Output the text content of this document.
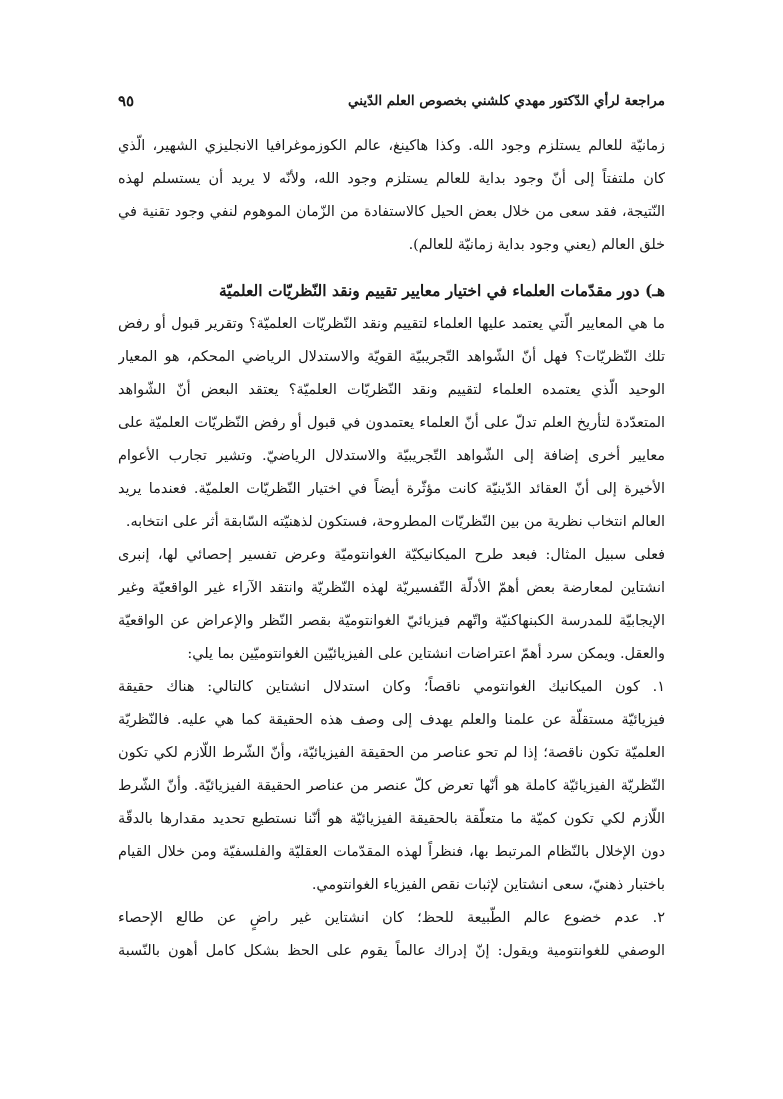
مراجعة لرأي الدّكتور مهدي كلشني بخصوص العلم الدّيني
٩٥
زمانيّة للعالم يستلزم وجود الله. وكذا هاكينغ، عالم الكوزموغرافيا الانجليزي الشهير، الّذي
كان ملتفتاً إلى أنّ وجود بداية للعالم يستلزم وجود الله، ولأنّه لا يريد أن يستسلم لهذه
النّتيجة، فقد سعى من خلال بعض الحيل كالاستفادة من الزّمان الموهوم لنفي وجود تقنية في
خلق العالم (يعني وجود بداية زمانيّة للعالم).
هـ) دور مقدّمات العلماء في اختيار معايير تقييم ونقد النّظريّات العلميّة
ما هي المعايير الّتي يعتمد عليها العلماء لتقييم ونقد النّظريّات العلميّة؟ وتقرير قبول أو رفض
تلك النّظريّات؟ فهل أنّ الشّواهد التّجريبيّة القويّة والاستدلال الرياضي المحكم، هو المعيار
الوحيد الّذي يعتمده العلماء لتقييم ونقد النّظريّات العلميّة؟ يعتقد البعض أنّ الشّواهد
المتعدّدة لتأريخ العلم تدلّ على أنّ العلماء يعتمدون في قبول أو رفض النّظريّات العلميّة على
معايير أخرى إضافة إلى الشّواهد التّجريبيّة والاستدلال الرياضيّ. وتشير تجارب الأعوام
الأخيرة إلى أنّ العقائد الدّينيّة كانت مؤثّرة أيضاً في اختيار النّظريّات العلميّة. فعندما يريد
العالم انتخاب نظرية من بين النّظريّات المطروحة، فستكون لذهنيّته السّابقة أثر على انتخابه.
فعلى سبيل المثال: فبعد طرح الميكانيكيّة الغوانتوميّة وعرض تفسير إحصائي لها، إنبرى
انشتاين لمعارضة بعض أهمّ الأدلّة التّفسيريّة لهذه النّظريّة وانتقد الآراء غير الواقعيّة وغير
الإيجابيّة للمدرسة الكبنهاكنيّة واتّهم فيزيائيّ الغوانتوميّة بقصر النّظر والإعراض عن الواقعيّة
والعقل. ويمكن سرد أهمّ اعتراضات انشتاين على الفيزيائيّين الغوانتوميّين بما يلي:
١. كون الميكانيك الغوانتومي ناقصاً؛ وكان استدلال انشتاين كالتالي: هناك حقيقة
فيزيائيّة مستقلّة عن علمنا والعلم يهدف إلى وصف هذه الحقيقة كما هي عليه. فالنّظريّة
العلميّة تكون ناقصة؛ إذا لم تحو عناصر من الحقيقة الفيزيائيّة، وأنّ الشّرط اللّازم لكي تكون
النّظريّة الفيزيائيّة كاملة هو أنّها تعرض كلّ عنصر من عناصر الحقيقة الفيزيائيّة. وأنّ الشّرط
اللّازم لكي تكون كميّة ما متعلّقة بالحقيقة الفيزيائيّة هو أنّنا نستطيع تحديد مقدارها بالدقّة
دون الإخلال بالنّظام المرتبط بها، فنظراً لهذه المقدّمات العقليّة والفلسفيّة ومن خلال القيام
باختبار ذهنيّ، سعى انشتاين لإثبات نقص الفيزياء الغوانتومي.
٢. عدم خضوع عالم الطّبيعة للحظ؛ كان انشتاين غير راضٍ عن طالع الإحصاء
الوصفي للغوانتومية ويقول: إنّ إدراك عالماً يقوم على الحظ بشكل كامل أهون بالنّسبة
